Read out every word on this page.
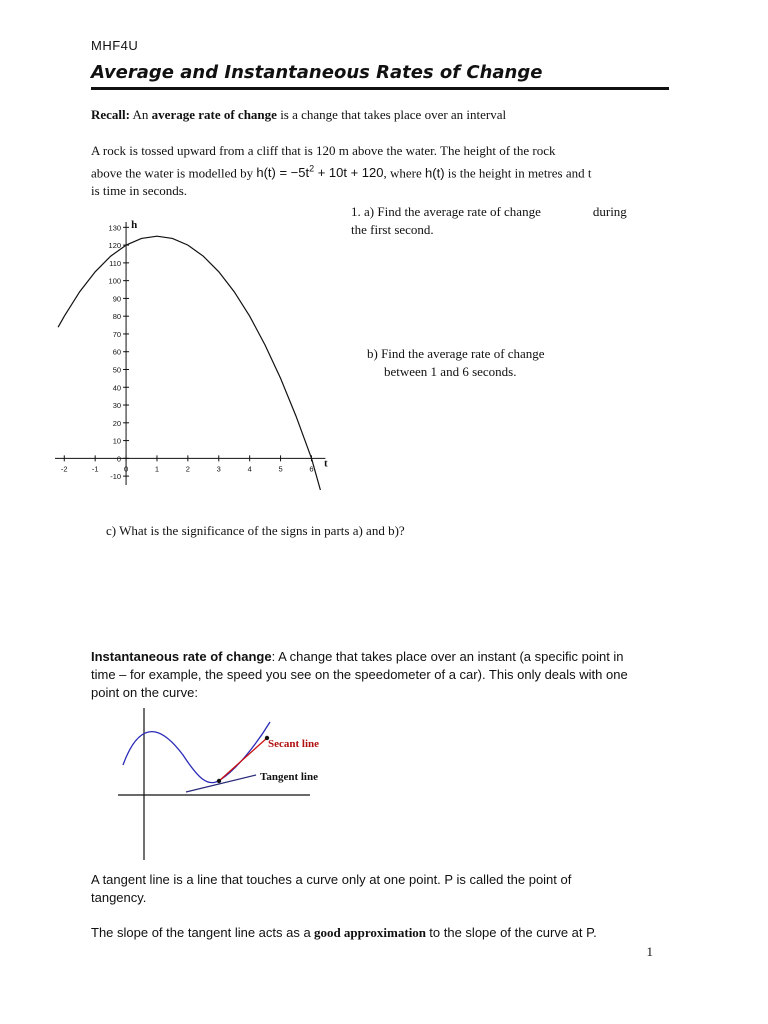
MHF4U
Average and Instantaneous Rates of Change
Recall: An average rate of change is a change that takes place over an interval
A rock is tossed upward from a cliff that is 120 m above the water. The height of the rock
above the water is modelled by $h(t) = -5t^2 + 10t + 120$, where h(t) is the height in metres and t
is time in seconds.
-2	-1	0	1	2	3	4	5	6
-10
0
10
20
30
40
50
60
70
80
90
100
110
120
130 h
t
1. a) Find the average rate of change	during
the first second.
b) Find the average rate of change
between 1 and 6 seconds.
c) What is the significance of the signs in parts a) and b)?
Instantaneous rate of change: A change that takes place over an instant (a specific point in
time – for example, the speed you see on the speedometer of a car). This only deals with one
point on the curve:
Secant line
Tangent line
A tangent line is a line that touches a curve only at one point. P is called the point of
tangency.
The slope of the tangent line acts as a good approximation to the slope of the curve at P.
1
